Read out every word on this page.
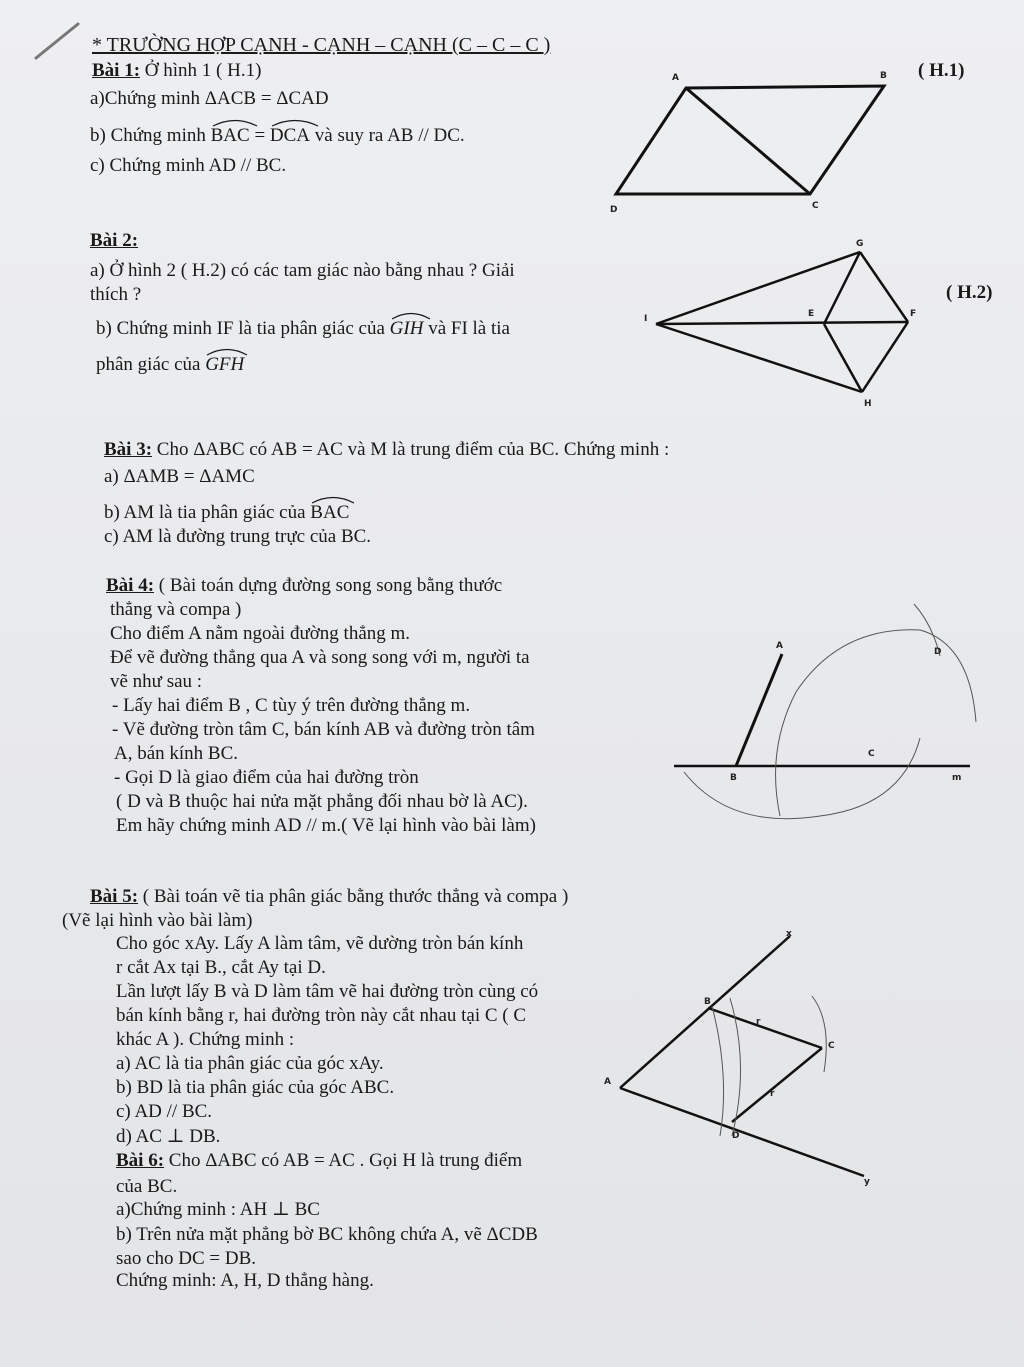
* TRƯỜNG HỢP CẠNH - CẠNH – CẠNH (C – C – C )
Bài 1: Ở hình 1 ( H.1)
a)Chứng minh ΔACB = ΔCAD
b) Chứng minh BAC
= DCA
và suy ra AB // DC.
c) Chứng minh AD // BC.
( H.1)
A	B
C
D
Bài 2:
a) Ở hình 2 ( H.2) có các tam giác nào bằng nhau ? Giải
thích ?
b) Chứng minh IF là tia phân giác của GIH
và FI là tia
phân giác của GFH
( H.2)
G
I	E	F
H
Bài 3: Cho ΔABC có AB = AC và M là trung điểm của BC. Chứng minh :
a) ΔAMB = ΔAMC
b) AM là tia phân giác của BAC
c) AM là đường trung trực của BC.
Bài 4: ( Bài toán dựng đường song song bằng thước
thẳng và compa )
Cho điểm A nằm ngoài đường thẳng m.
Để vẽ đường thẳng qua A và song song với m, người ta
vẽ như sau :
- Lấy hai điểm B , C tùy ý trên đường thẳng m.
- Vẽ đường tròn tâm C, bán kính AB và đường tròn tâm
A, bán kính BC.
- Gọi D là giao điểm của hai đường tròn
( D và B thuộc hai nửa mặt phẳng đối nhau bờ là AC).
Em hãy chứng minh AD // m.( Vẽ lại hình vào bài làm)
A
D
C
B	m
Bài 5: ( Bài toán vẽ tia phân giác bằng thước thẳng và compa )
(Vẽ lại hình vào bài làm)
Cho góc xAy. Lấy A làm tâm, vẽ dường tròn bán kính
r cắt Ax tại B., cắt Ay tại D.
Lần lượt lấy B và D làm tâm vẽ hai đường tròn cùng có
bán kính bằng r, hai đường tròn này cắt nhau tại C ( C
khác A ). Chứng minh :
a) AC là tia phân giác của góc xAy.
b) BD là tia phân giác của góc ABC.
c) AD // BC.
d) AC ⊥ DB.
x
B
C
A
D
y
r
r
Bài 6: Cho ΔABC có AB = AC . Gọi H là trung điểm
của BC.
a)Chứng minh : AH ⊥ BC
b) Trên nửa mặt phẳng bờ BC không chứa A, vẽ ΔCDB
sao cho DC = DB.
Chứng minh: A, H, D thẳng hàng.
